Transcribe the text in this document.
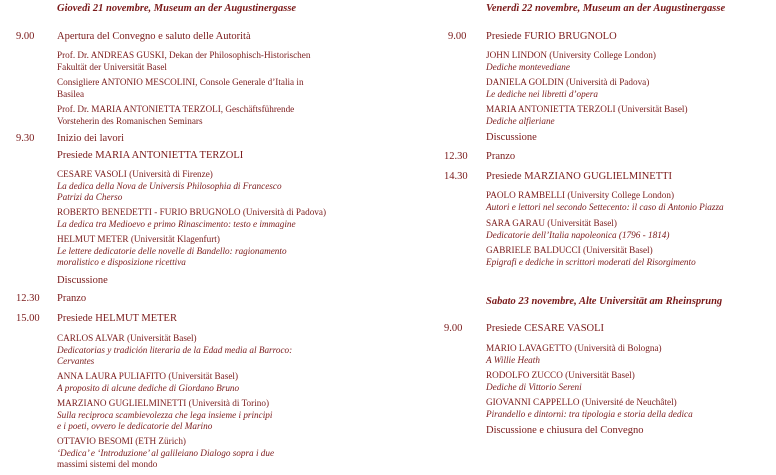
Giovedì 21 novembre, Museum an der Augustinergasse
9.00 Apertura del Convegno e saluto delle Autorità
Prof. Dr. ANDREAS GUSKI, Dekan der Philosophisch-Historischen
Fakultät der Universität Basel
Consigliere ANTONIO MESCOLINI, Console Generale d’Italia in
Basilea
Prof. Dr. MARIA ANTONIETTA TERZOLI, Geschäftsführende
Vorsteherin des Romanischen Seminars
9.30 Inizio dei lavori
Presiede MARIA ANTONIETTA TERZOLI
CESARE VASOLI (Università di Firenze)
La dedica della Nova de Universis Philosophia di Francesco
Patrizi da Cherso
ROBERTO BENEDETTI - FURIO BRUGNOLO (Università di Padova)
La dedica tra Medioevo e primo Rinascimento: testo e immagine
HELMUT METER (Universität Klagenfurt)
Le lettere dedicatorie delle novelle di Bandello: ragionamento
moralistico e disposizione ricettiva
Discussione
12.30 Pranzo
15.00 Presiede HELMUT METER
CARLOS ALVAR (Universität Basel)
Dedicatorias y tradición literaria de la Edad media al Barroco:
Cervantes
ANNA LAURA PULIAFITO (Universität Basel)
A proposito di alcune dediche di Giordano Bruno
MARZIANO GUGLIELMINETTI (Università di Torino)
Sulla reciproca scambievolezza che lega insieme i principi
e i poeti, ovvero le dedicatorie del Marino
OTTAVIO BESOMI (ETH Zürich)
‘Dedica’ e ‘Introduzione’ al galileiano Dialogo sopra i due
massimi sistemi del mondo
Venerdì 22 novembre, Museum an der Augustinergasse
9.00 Presiede FURIO BRUGNOLO
JOHN LINDON (University College London)
Dediche montevediane
DANIELA GOLDIN (Università di Padova)
Le dediche nei libretti d’opera
MARIA ANTONIETTA TERZOLI (Universität Basel)
Dediche alfieriane
Discussione
12.30 Pranzo
14.30 Presiede MARZIANO GUGLIELMINETTI
PAOLO RAMBELLI (University College London)
Autori e lettori nel secondo Settecento: il caso di Antonio Piazza
SARA GARAU (Universität Basel)
Dedicatorie dell’Italia napoleonica (1796 - 1814)
GABRIELE BALDUCCI (Universität Basel)
Epigrafi e dediche in scrittori moderati del Risorgimento
Sabato 23 novembre, Alte Universität am Rheinsprung
9.00 Presiede CESARE VASOLI
MARIO LAVAGETTO (Università di Bologna)
A Willie Heath
RODOLFO ZUCCO (Universität Basel)
Dediche di Vittorio Sereni
GIOVANNI CAPPELLO (Université de Neuchâtel)
Pirandello e dintorni: tra tipologia e storia della dedica
Discussione e chiusura del Convegno
